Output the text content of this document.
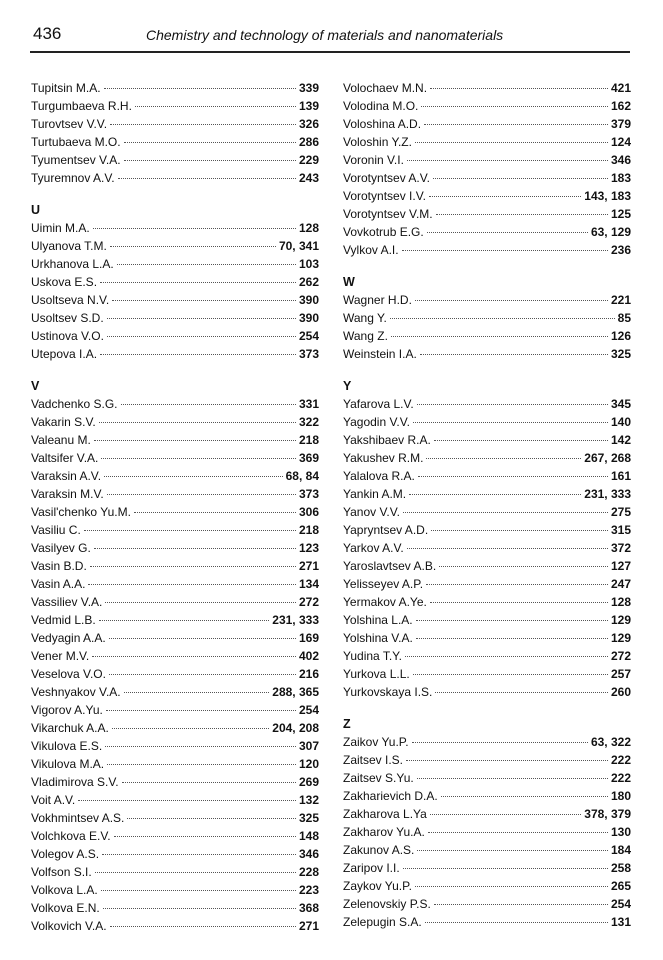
436	Chemistry and technology of materials and nanomaterials
Tupitsin M.A.	339
Turgumbaeva R.H.	139
Turovtsev V.V.	326
Turtubaeva M.O.	286
Tyumentsev V.A.	229
Tyuremnov A.V.	243
U
Uimin M.A.	128
Ulyanova T.M.	70, 341
Urkhanova L.A.	103
Uskova E.S.	262
Usoltseva N.V.	390
Usoltsev S.D.	390
Ustinova V.O.	254
Utepova I.A.	373
V
Vadchenko S.G.	331
Vakarin S.V.	322
Valeanu M.	218
Valtsifer V.A.	369
Varaksin A.V.	68, 84
Varaksin M.V.	373
Vasil'chenko Yu.M.	306
Vasiliu C.	218
Vasilyev G.	123
Vasin B.D.	271
Vasin A.A.	134
Vassiliev V.A.	272
Vedmid L.B.	231, 333
Vedyagin A.A.	169
Vener M.V.	402
Veselova V.O.	216
Veshnyakov V.A.	288, 365
Vigorov A.Yu.	254
Vikarchuk A.A.	204, 208
Vikulova E.S.	307
Vikulova M.A.	120
Vladimirova S.V.	269
Voit A.V.	132
Vokhmintsev A.S.	325
Volchkova E.V.	148
Volegov A.S.	346
Volfson S.I.	228
Volkova L.A.	223
Volkova E.N.	368
Volkovich V.A.	271
Volochaev M.N.	421
Volodina M.O.	162
Voloshina A.D.	379
Voloshin Y.Z.	124
Voronin V.I.	346
Vorotyntsev A.V.	183
Vorotyntsev I.V.	143, 183
Vorotyntsev V.M.	125
Vovkotrub E.G.	63, 129
Vylkov A.I.	236
W
Wagner H.D.	221
Wang Y.	85
Wang Z.	126
Weinstein I.A.	325
Y
Yafarova L.V.	345
Yagodin V.V.	140
Yakshibaev R.A.	142
Yakushev R.M.	267, 268
Yalalova R.A.	161
Yankin A.M.	231, 333
Yanov V.V.	275
Yapryntsev A.D.	315
Yarkov A.V.	372
Yaroslavtsev A.B.	127
Yelisseyev A.P.	247
Yermakov A.Ye.	128
Yolshina L.A.	129
Yolshina V.A.	129
Yudina T.Y.	272
Yurkova L.L.	257
Yurkovskaya I.S.	260
Z
Zaikov Yu.P.	63, 322
Zaitsev I.S.	222
Zaitsev S.Yu.	222
Zakharievich D.A.	180
Zakharova L.Ya	378, 379
Zakharov Yu.A.	130
Zakunov A.S.	184
Zaripov I.I.	258
Zaykov Yu.P.	265
Zelenovskiy P.S.	254
Zelepugin S.A.	131
